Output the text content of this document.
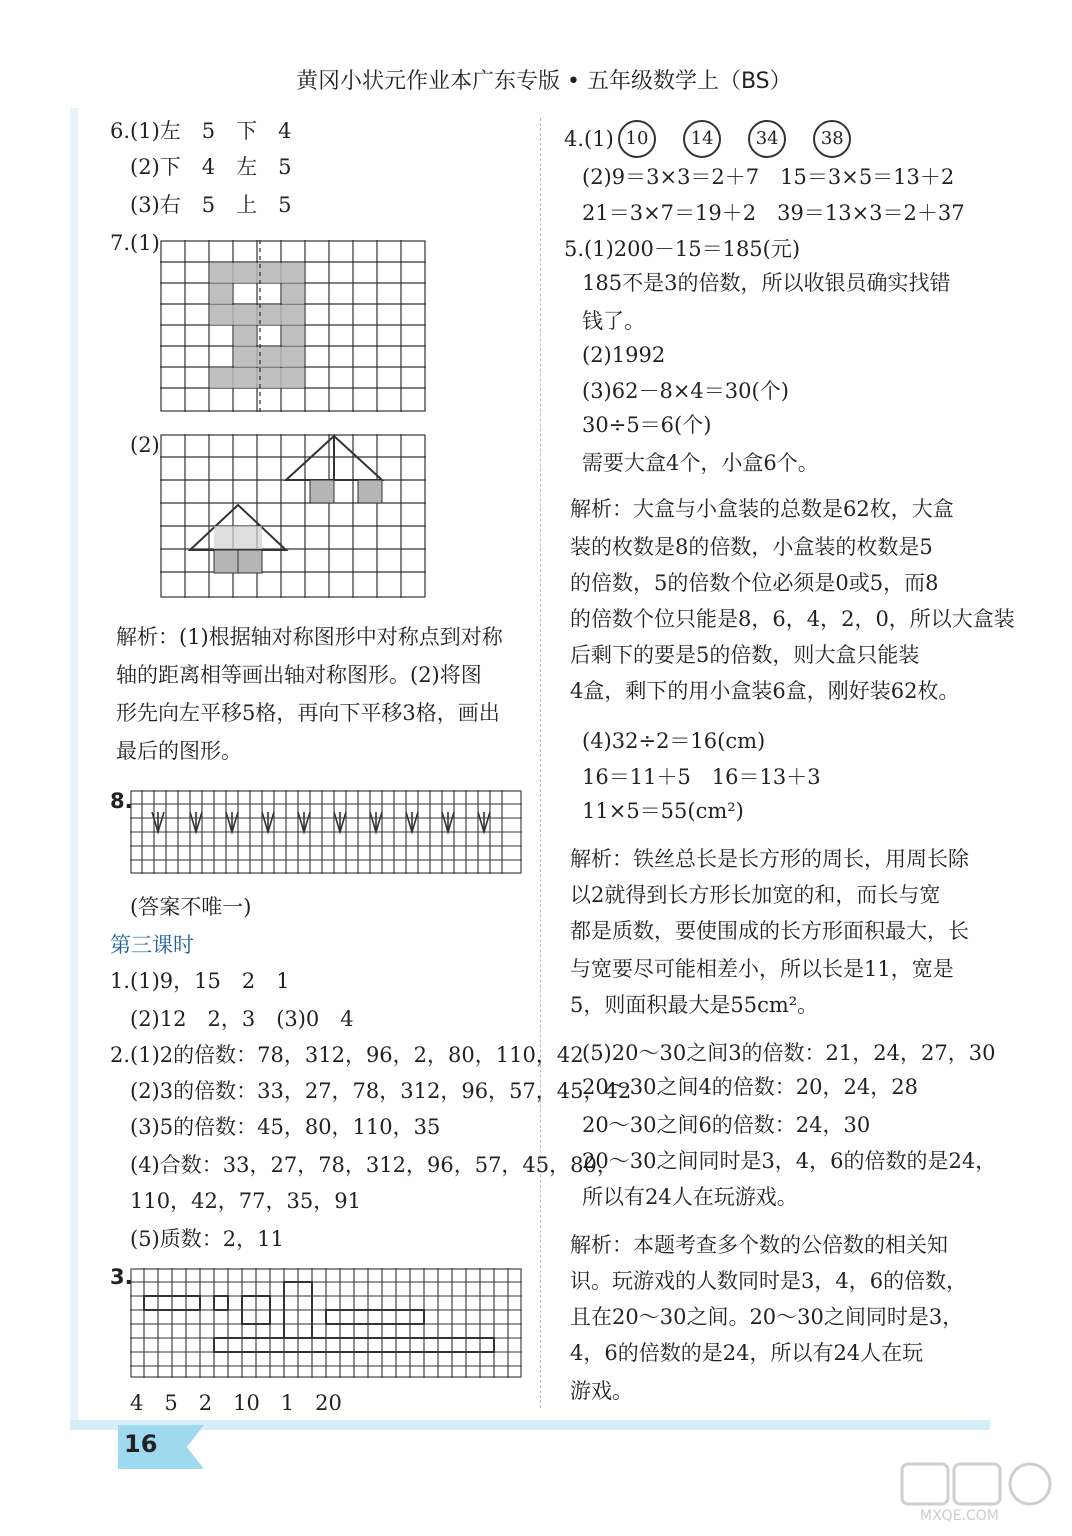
黄冈小状元作业本广东专版 • 五年级数学上（BS）
6.(1)左　5　下　4
(2)下　4　左　5
(3)右　5　上　5
7.(1)
(2)
解析：(1)根据轴对称图形中对称点到对称
轴的距离相等画出轴对称图形。(2)将图
形先向左平移5格，再向下平移3格，画出
最后的图形。
8.
(答案不唯一)
第三课时
1.(1)9，15　2　1
(2)12　2，3　(3)0　4
2.(1)2的倍数：78，312，96，2，80，110，42
(2)3的倍数：33，27，78，312，96，57，45，42
(3)5的倍数：45，80，110，35
(4)合数：33，27，78，312，96，57，45，80，
110，42，77，35，91
(5)质数：2，11
3.
4　5　2　10　1　20
4.(1) 10 14 34 38
(2)9＝3×3＝2＋7　15＝3×5＝13＋2
21＝3×7＝19＋2　39＝13×3＝2＋37
5.(1)200－15＝185(元)
185不是3的倍数，所以收银员确实找错
钱了。
(2)1992
(3)62－8×4＝30(个)
30÷5＝6(个)
需要大盒4个，小盒6个。
解析：大盒与小盒装的总数是62枚，大盒
装的枚数是8的倍数，小盒装的枚数是5
的倍数，5的倍数个位必须是0或5，而8
的倍数个位只能是8，6，4，2，0，所以大盒装
后剩下的要是5的倍数，则大盒只能装
4盒，剩下的用小盒装6盒，刚好装62枚。
(4)32÷2＝16(cm)
16＝11＋5　16＝13＋3
11×5＝55(cm²)
解析：铁丝总长是长方形的周长，用周长除
以2就得到长方形长加宽的和，而长与宽
都是质数，要使围成的长方形面积最大，长
与宽要尽可能相差小，所以长是11，宽是
5，则面积最大是55cm²。
(5)20～30之间3的倍数：21，24，27，30
20～30之间4的倍数：20，24，28
20～30之间6的倍数：24，30
20～30之间同时是3，4，6的倍数的是24，
所以有24人在玩游戏。
解析：本题考查多个数的公倍数的相关知
识。玩游戏的人数同时是3，4，6的倍数，
且在20～30之间。20～30之间同时是3，
4，6的倍数的是24，所以有24人在玩
游戏。
16
MXQE.COM
